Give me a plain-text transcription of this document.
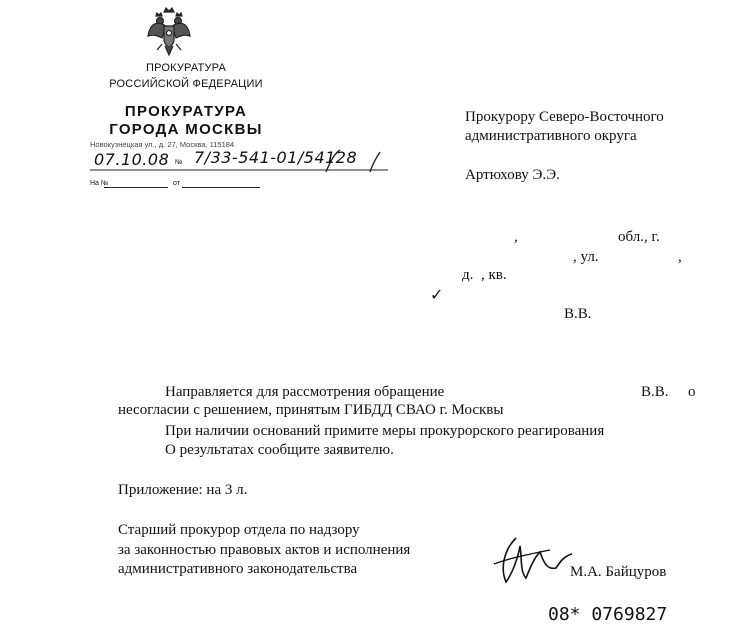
ПРОКУРАТУРА
РОССИЙСКОЙ ФЕДЕРАЦИИ
ПРОКУРАТУРА
ГОРОДА МОСКВЫ
Новокузнецкая ул., д. 27, Москва, 115184
07.10.08 № 7/33-541-01/54128
На №	от
Прокурору Северо-Восточного
административного округа
Артюхову Э.Э.
,	обл., г.
, ул.	,
д. , кв.
✓
В.В.
Направляется для рассмотрения обращение	В.В. о
несогласии с решением, принятым ГИБДД СВАО г. Москвы
При наличии оснований примите меры прокурорского реагирования
О результатах сообщите заявителю.
Приложение: на 3 л.
Старший прокурор отдела по надзору
за законностью правовых актов и исполнения
административного законодательства	М.А. Байцуров
08* 0769827
